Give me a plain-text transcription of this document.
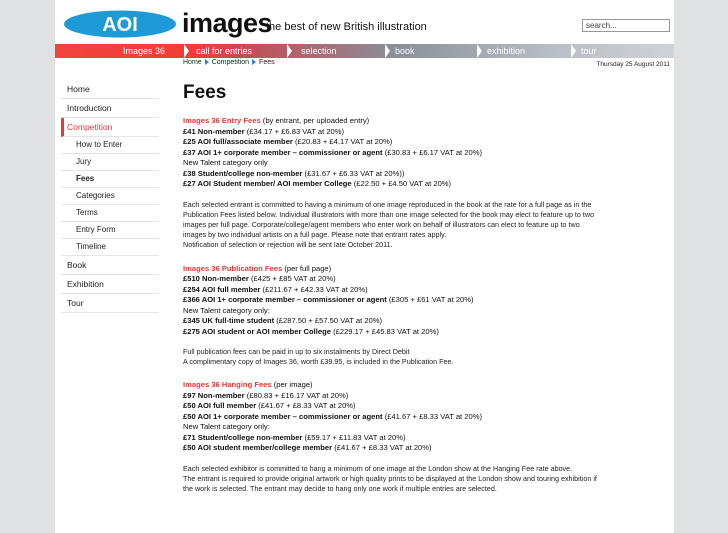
AOI images
the best of new British illustration
search...
Images 36	call for entries	selection	book	exhibition	tour
Home Competition Fees	Thursday 25 August 2011
Home
Introduction
Competition
How to Enter
Jury
Fees
Categories
Terms
Entry Form
Timeline
Book
Exhibition
Tour
Fees
Images 36 Entry Fees (by entrant, per uploaded entry)
£41 Non-member (£34.17 + £6.83 VAT at 20%)
£25 AOI full/associate member (£20.83 + £4.17 VAT at 20%)
£37 AOI 1+ corporate member – commissioner or agent (£30.83 + £6.17 VAT at 20%)
New Talent category only
£38 Student/college non-member (£31.67 + £6.33 VAT at 20%))
£27 AOI Student member/ AOI member College (£22.50 + £4.50 VAT at 20%)
Each selected entrant is committed to having a minimum of one image reproduced in the book at the rate for a full page as in the Publication Fees listed below. Individual illustrators with more than one image selected for the book may elect to feature up to two images per full page. Corporate/college/agent members who enter work on behalf of illustrators can elect to feature up to two images by two individual artists on a full page. Please note that entrant rates apply.
Notification of selection or rejection will be sent late October 2011.
Images 36 Publication Fees (per full page)
£510 Non-member (£425 + £85 VAT at 20%)
£254 AOI full member (£211.67 + £42.33 VAT at 20%)
£366 AOI 1+ corporate member – commissioner or agent (£305 + £61 VAT at 20%)
New Talent category only:
£345 UK full-time student (£287.50 + £57.50 VAT at 20%)
£275 AOI student or AOI member College (£229.17 + £45.83 VAT at 20%)
Full publication fees can be paid in up to six instalments by Direct Debit
A complimentary copy of Images 36, worth £39.95, is included in the Publication Fee.
Images 36 Hanging Fees (per image)
£97 Non-member (£80.83 + £16.17 VAT at 20%)
£50 AOI full member (£41.67 + £8.33 VAT at 20%)
£50 AOI 1+ corporate member – commissioner or agent (£41.67 + £8.33 VAT at 20%)
New Talent category only:
£71 Student/college non-member (£59.17 + £11.83 VAT at 20%)
£50 AOI student member/college member (£41.67 + £8.33 VAT at 20%)
Each selected exhibitor is committed to hang a minimum of one image at the London show at the Hanging Fee rate above.
The entrant is required to provide original artwork or high quality prints to be displayed at the London show and touring exhibition if the work is selected. The entrant may decide to hang only one work if multiple entries are selected.
